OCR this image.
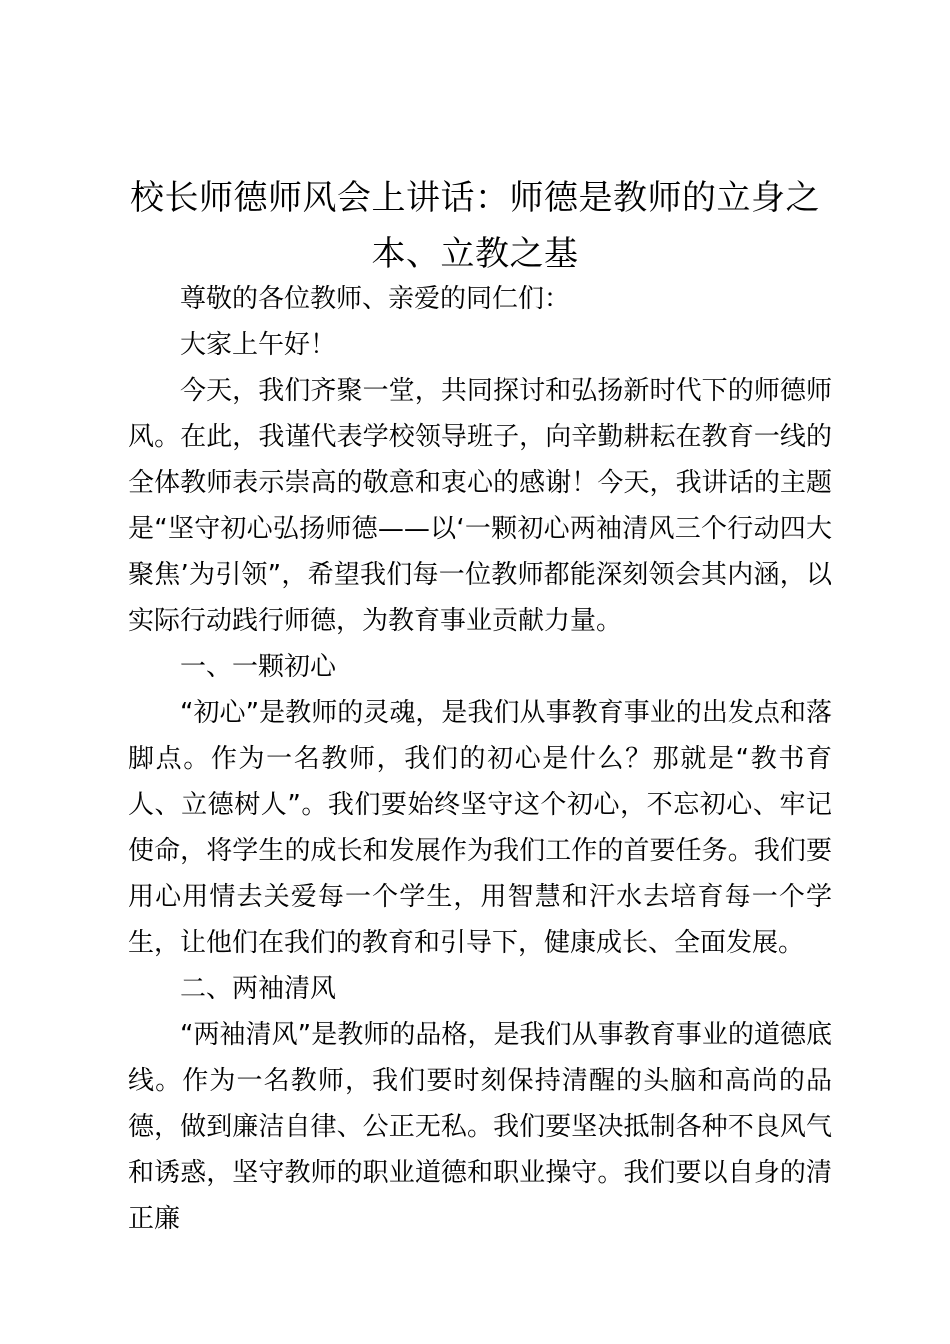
校长师德师风会上讲话：师德是教师的立身之本、立教之基

尊敬的各位教师、亲爱的同仁们：

大家上午好！

今天，我们齐聚一堂，共同探讨和弘扬新时代下的师德师风。在此，我谨代表学校领导班子，向辛勤耕耘在教育一线的全体教师表示崇高的敬意和衷心的感谢！今天，我讲话的主题是“坚守初心弘扬师德——以‘一颗初心两袖清风三个行动四大聚焦’为引领”，希望我们每一位教师都能深刻领会其内涵，以实际行动践行师德，为教育事业贡献力量。

一、一颗初心

“初心”是教师的灵魂，是我们从事教育事业的出发点和落脚点。作为一名教师，我们的初心是什么？那就是“教书育人、立德树人”。我们要始终坚守这个初心，不忘初心、牢记使命，将学生的成长和发展作为我们工作的首要任务。我们要用心用情去关爱每一个学生，用智慧和汗水去培育每一个学生，让他们在我们的教育和引导下，健康成长、全面发展。

二、两袖清风

“两袖清风”是教师的品格，是我们从事教育事业的道德底线。作为一名教师，我们要时刻保持清醒的头脑和高尚的品德，做到廉洁自律、公正无私。我们要坚决抵制各种不良风气和诱惑，坚守教师的职业道德和职业操守。我们要以自身的清正廉
